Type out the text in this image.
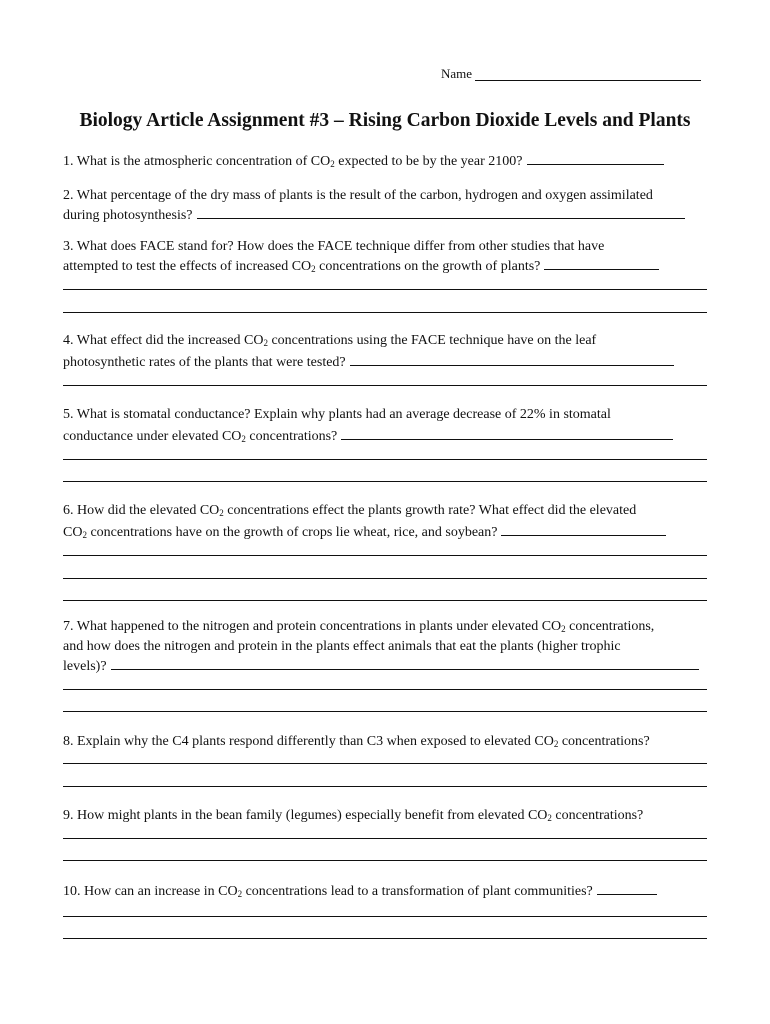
Name
Biology Article Assignment #3 – Rising Carbon Dioxide Levels and Plants
1. What is the atmospheric concentration of $CO_2$ expected to be by the year 2100?
2. What percentage of the dry mass of plants is the result of the carbon, hydrogen and oxygen assimilated
during photosynthesis?
3. What does FACE stand for? How does the FACE technique differ from other studies that have
attempted to test the effects of increased $CO_2$ concentrations on the growth of plants?
4. What effect did the increased $CO_2$ concentrations using the FACE technique have on the leaf
photosynthetic rates of the plants that were tested?
5. What is stomatal conductance? Explain why plants had an average decrease of 22% in stomatal
conductance under elevated $CO_2$ concentrations?
6. How did the elevated $CO_2$ concentrations effect the plants growth rate? What effect did the elevated
$CO_2$ concentrations have on the growth of crops lie wheat, rice, and soybean?
7. What happened to the nitrogen and protein concentrations in plants under elevated $CO_2$ concentrations,
and how does the nitrogen and protein in the plants effect animals that eat the plants (higher trophic
levels)?
8. Explain why the C4 plants respond differently than C3 when exposed to elevated $CO_2$ concentrations?
9. How might plants in the bean family (legumes) especially benefit from elevated $CO_2$ concentrations?
10. How can an increase in $CO_2$ concentrations lead to a transformation of plant communities?
